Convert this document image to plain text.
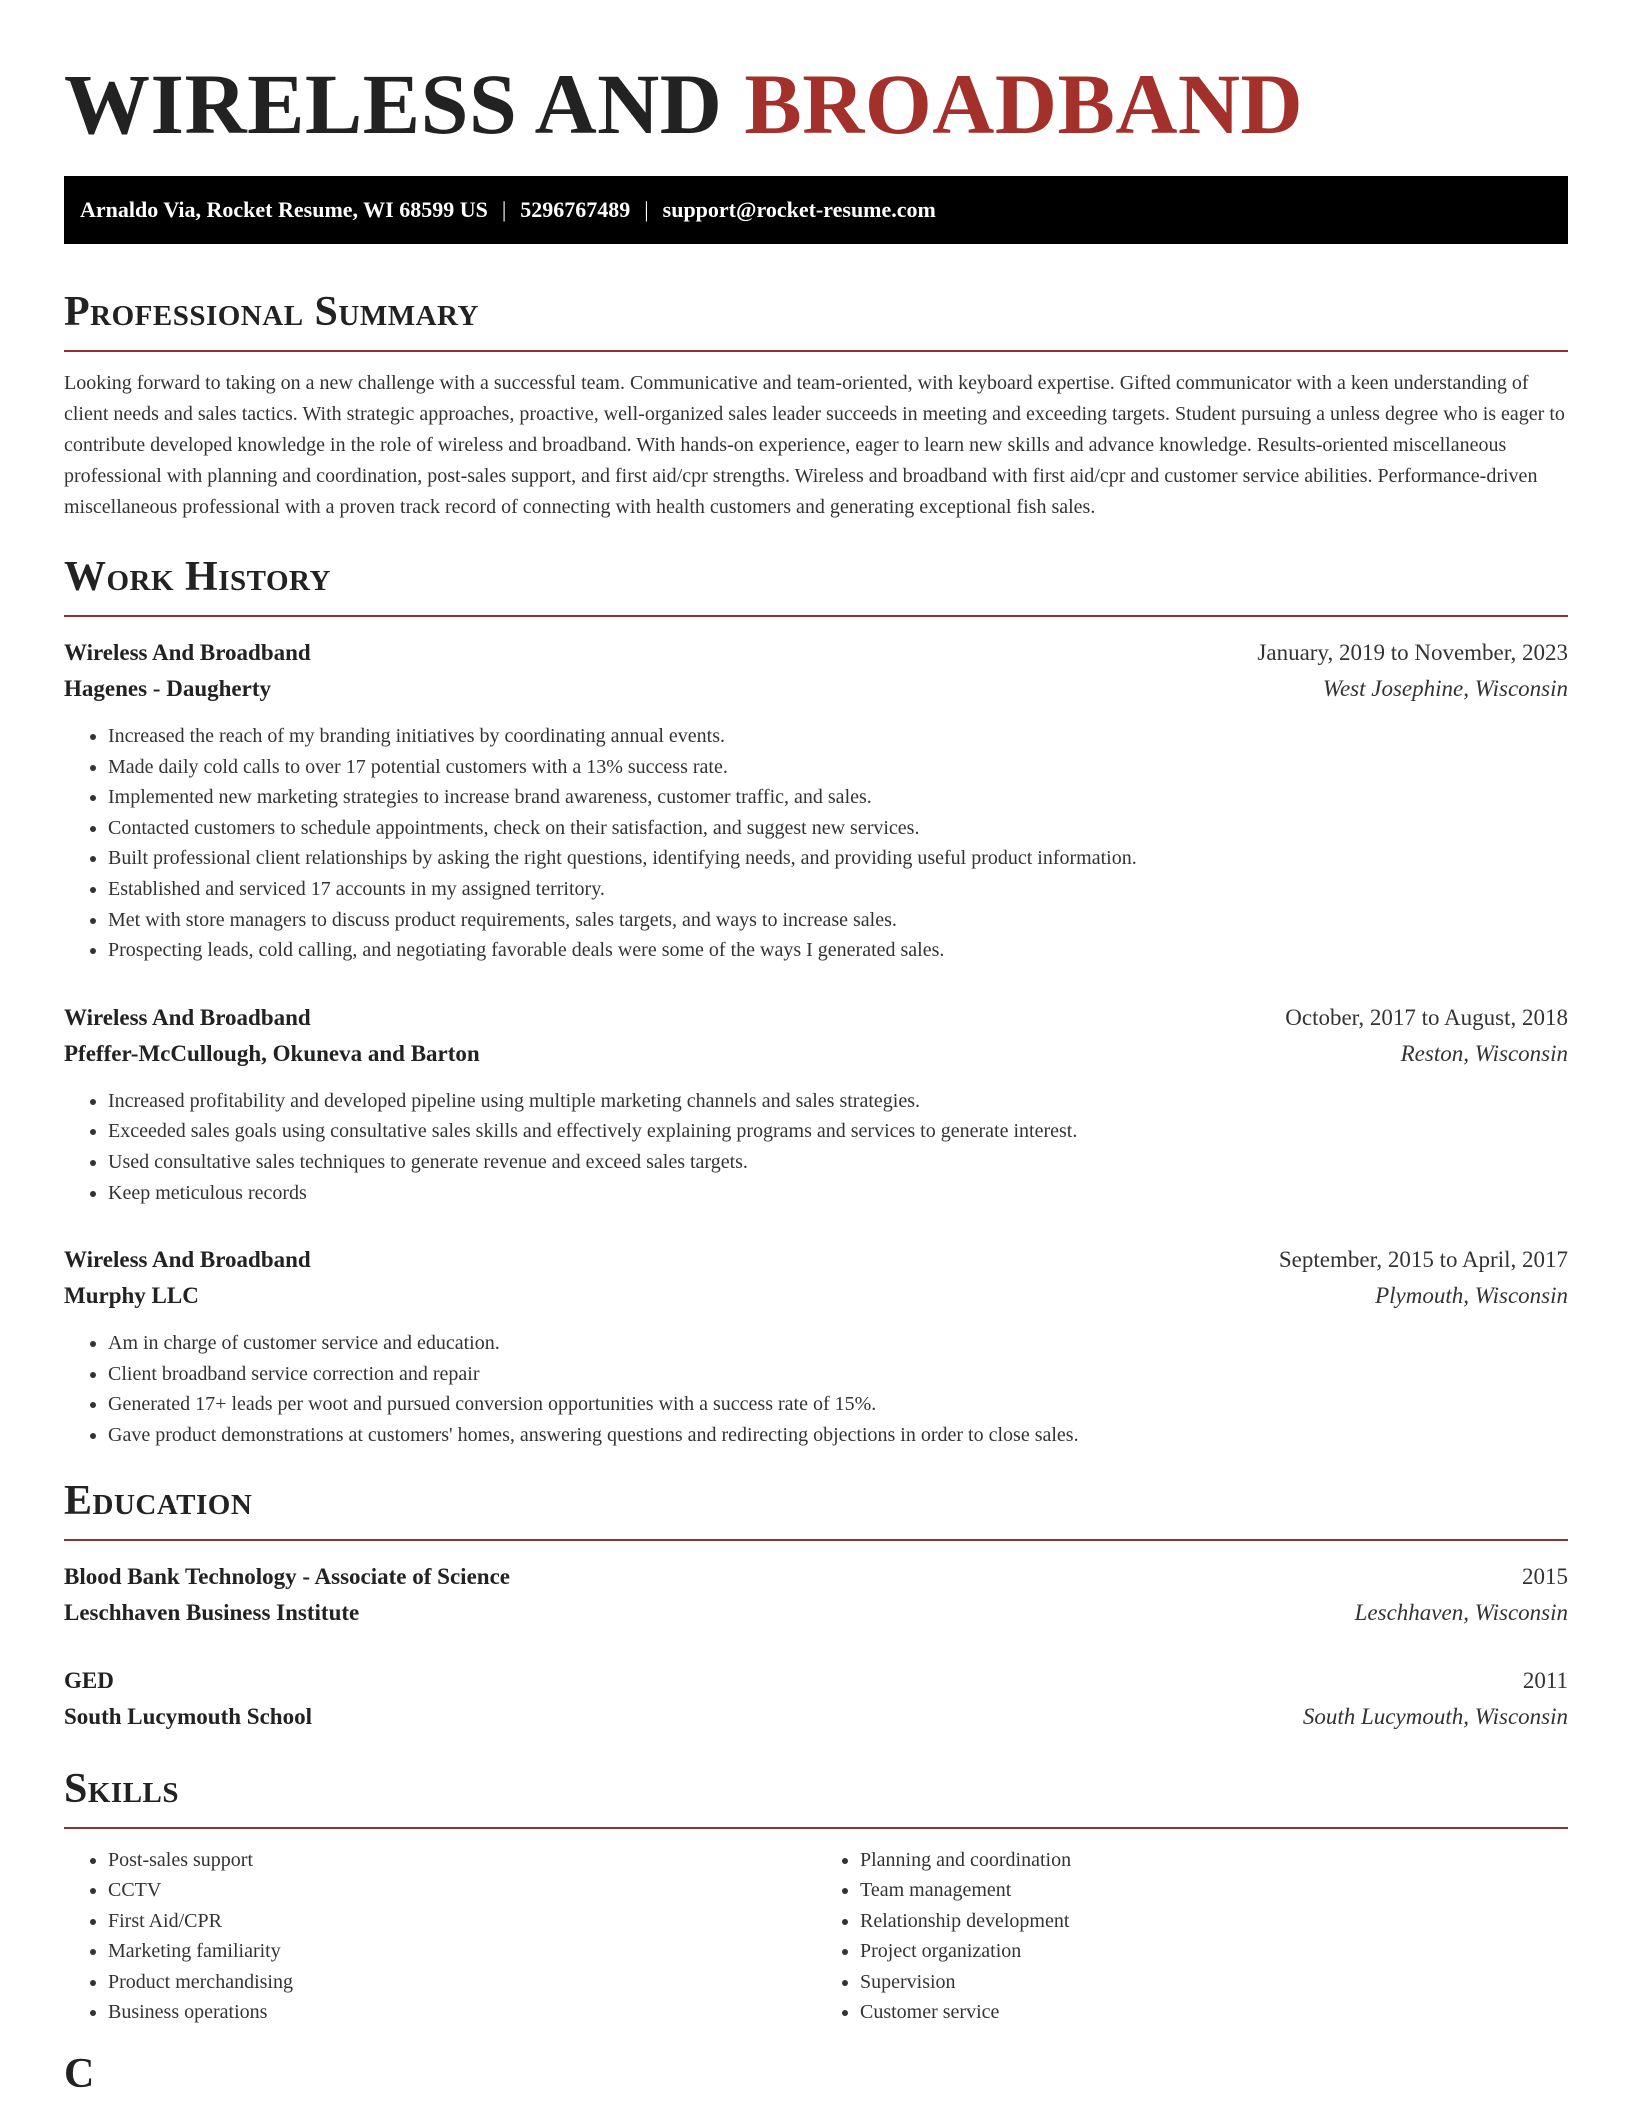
WIRELESS AND BROADBAND
Arnaldo Via, Rocket Resume, WI 68599 US | 5296767489 | support@rocket-resume.com
Professional Summary

Looking forward to taking on a new challenge with a successful team. Communicative and team-oriented, with keyboard expertise. Gifted communicator with a keen understanding of client needs and sales tactics. With strategic approaches, proactive, well-organized sales leader succeeds in meeting and exceeding targets. Student pursuing a unless degree who is eager to contribute developed knowledge in the role of wireless and broadband. With hands-on experience, eager to learn new skills and advance knowledge. Results-oriented miscellaneous professional with planning and coordination, post-sales support, and first aid/cpr strengths. Wireless and broadband with first aid/cpr and customer service abilities. Performance-driven miscellaneous professional with a proven track record of connecting with health customers and generating exceptional fish sales.

Work History
Wireless And Broadband	January, 2019 to November, 2023
Hagenes - Daugherty	West Josephine, Wisconsin
• Increased the reach of my branding initiatives by coordinating annual events.
• Made daily cold calls to over 17 potential customers with a 13% success rate.
• Implemented new marketing strategies to increase brand awareness, customer traffic, and sales.
• Contacted customers to schedule appointments, check on their satisfaction, and suggest new services.
• Built professional client relationships by asking the right questions, identifying needs, and providing useful product information.
• Established and serviced 17 accounts in my assigned territory.
• Met with store managers to discuss product requirements, sales targets, and ways to increase sales.
• Prospecting leads, cold calling, and negotiating favorable deals were some of the ways I generated sales.
Wireless And Broadband	October, 2017 to August, 2018
Pfeffer-McCullough, Okuneva and Barton	Reston, Wisconsin
• Increased profitability and developed pipeline using multiple marketing channels and sales strategies.
• Exceeded sales goals using consultative sales skills and effectively explaining programs and services to generate interest.
• Used consultative sales techniques to generate revenue and exceed sales targets.
• Keep meticulous records
Wireless And Broadband	September, 2015 to April, 2017
Murphy LLC	Plymouth, Wisconsin
• Am in charge of customer service and education.
• Client broadband service correction and repair
• Generated 17+ leads per woot and pursued conversion opportunities with a success rate of 15%.
• Gave product demonstrations at customers' homes, answering questions and redirecting objections in order to close sales.
Education
Blood Bank Technology - Associate of Science	2015
Leschhaven Business Institute	Leschhaven, Wisconsin
GED	2011
South Lucymouth School	South Lucymouth, Wisconsin
Skills
• Post-sales support
• CCTV
• First Aid/CPR
• Marketing familiarity
• Product merchandising
• Business operations
• Planning and coordination
• Team management
• Relationship development
• Project organization
• Supervision
• Customer service
C
